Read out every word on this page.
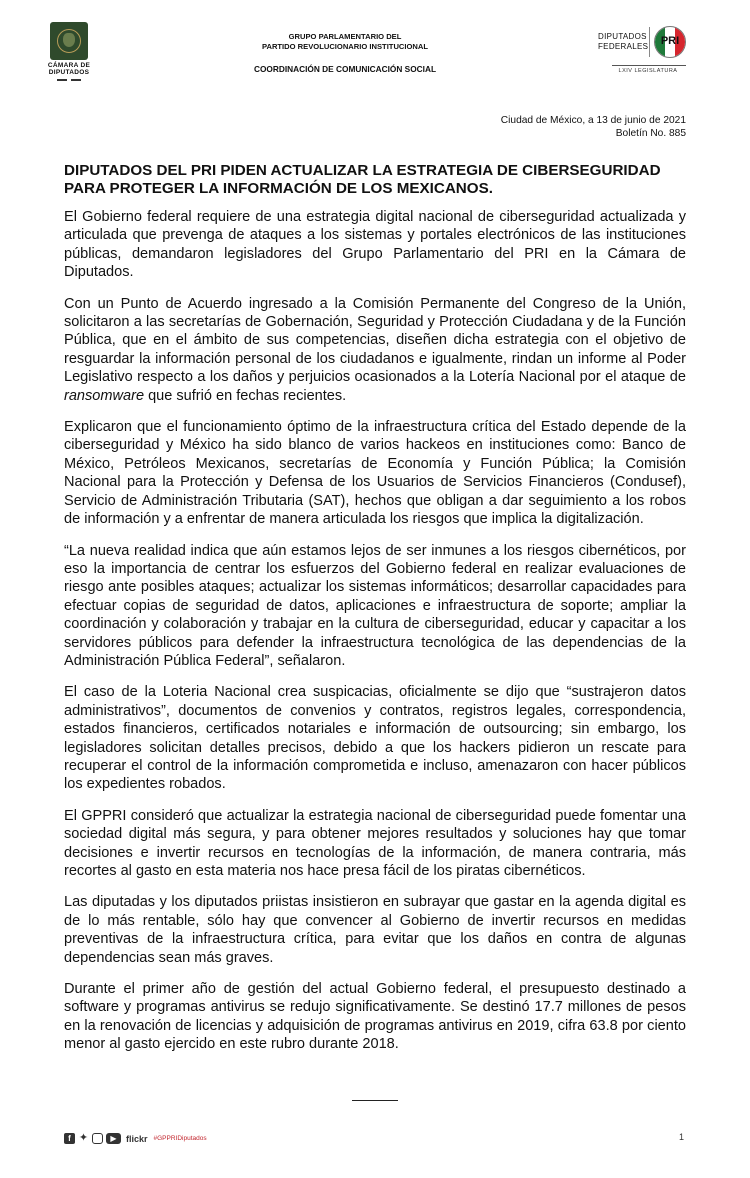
CÁMARA DE DIPUTADOS
GRUPO PARLAMENTARIO DEL
PARTIDO REVOLUCIONARIO INSTITUCIONAL
COORDINACIÓN DE COMUNICACIÓN SOCIAL
DIPUTADOS
FEDERALES	PRI
LXIV LEGISLATURA
Ciudad de México, a 13 de junio de 2021
Boletín No. 885
DIPUTADOS DEL PRI PIDEN ACTUALIZAR LA ESTRATEGIA DE CIBERSEGURIDAD PARA PROTEGER LA INFORMACIÓN DE LOS MEXICANOS.

El Gobierno federal requiere de una estrategia digital nacional de ciberseguridad actualizada y articulada que prevenga de ataques a los sistemas y portales electrónicos de las instituciones públicas, demandaron legisladores del Grupo Parlamentario del PRI en la Cámara de Diputados.

Con un Punto de Acuerdo ingresado a la Comisión Permanente del Congreso de la Unión, solicitaron a las secretarías de Gobernación, Seguridad y Protección Ciudadana y de la Función Pública, que en el ámbito de sus competencias, diseñen dicha estrategia con el objetivo de resguardar la información personal de los ciudadanos e igualmente, rindan un informe al Poder Legislativo respecto a los daños y perjuicios ocasionados a la Lotería Nacional por el ataque de ransomware que sufrió en fechas recientes.

Explicaron que el funcionamiento óptimo de la infraestructura crítica del Estado depende de la ciberseguridad y México ha sido blanco de varios hackeos en instituciones como: Banco de México, Petróleos Mexicanos, secretarías de Economía y Función Pública; la Comisión Nacional para la Protección y Defensa de los Usuarios de Servicios Financieros (Condusef), Servicio de Administración Tributaria (SAT), hechos que obligan a dar seguimiento a los robos de información y a enfrentar de manera articulada los riesgos que implica la digitalización.

“La nueva realidad indica que aún estamos lejos de ser inmunes a los riesgos cibernéticos, por eso la importancia de centrar los esfuerzos del Gobierno federal en realizar evaluaciones de riesgo ante posibles ataques; actualizar los sistemas informáticos; desarrollar capacidades para efectuar copias de seguridad de datos, aplicaciones e infraestructura de soporte; ampliar la coordinación y colaboración y trabajar en la cultura de ciberseguridad, educar y capacitar a los servidores públicos para defender la infraestructura tecnológica de las dependencias de la Administración Pública Federal”, señalaron.

El caso de la Loteria Nacional crea suspicacias, oficialmente se dijo que “sustrajeron datos administrativos”, documentos de convenios y contratos, registros legales, correspondencia, estados financieros, certificados notariales e información de outsourcing; sin embargo, los legisladores solicitan detalles precisos, debido a que los hackers pidieron un rescate para recuperar el control de la información comprometida e incluso, amenazaron con hacer públicos los expedientes robados.

El GPPRI consideró que actualizar la estrategia nacional de ciberseguridad puede fomentar una sociedad digital más segura, y para obtener mejores resultados y soluciones hay que tomar decisiones e invertir recursos en tecnologías de la información, de manera contraria, más recortes al gasto en esta materia nos hace presa fácil de los piratas cibernéticos.

Las diputadas y los diputados priistas insistieron en subrayar que gastar en la agenda digital es de lo más rentable, sólo hay que convencer al Gobierno de invertir recursos en medidas preventivas de la infraestructura crítica, para evitar que los daños en contra de algunas dependencias sean más graves.

Durante el primer año de gestión del actual Gobierno federal, el presupuesto destinado a software y programas antivirus se redujo significativamente. Se destinó 17.7 millones de pesos en la renovación de licencias y adquisición de programas antivirus en 2019, cifra 63.8 por ciento menor al gasto ejercido en este rubro durante 2018.

f ✦	▶	flickr #GPPRIDiputados	1
